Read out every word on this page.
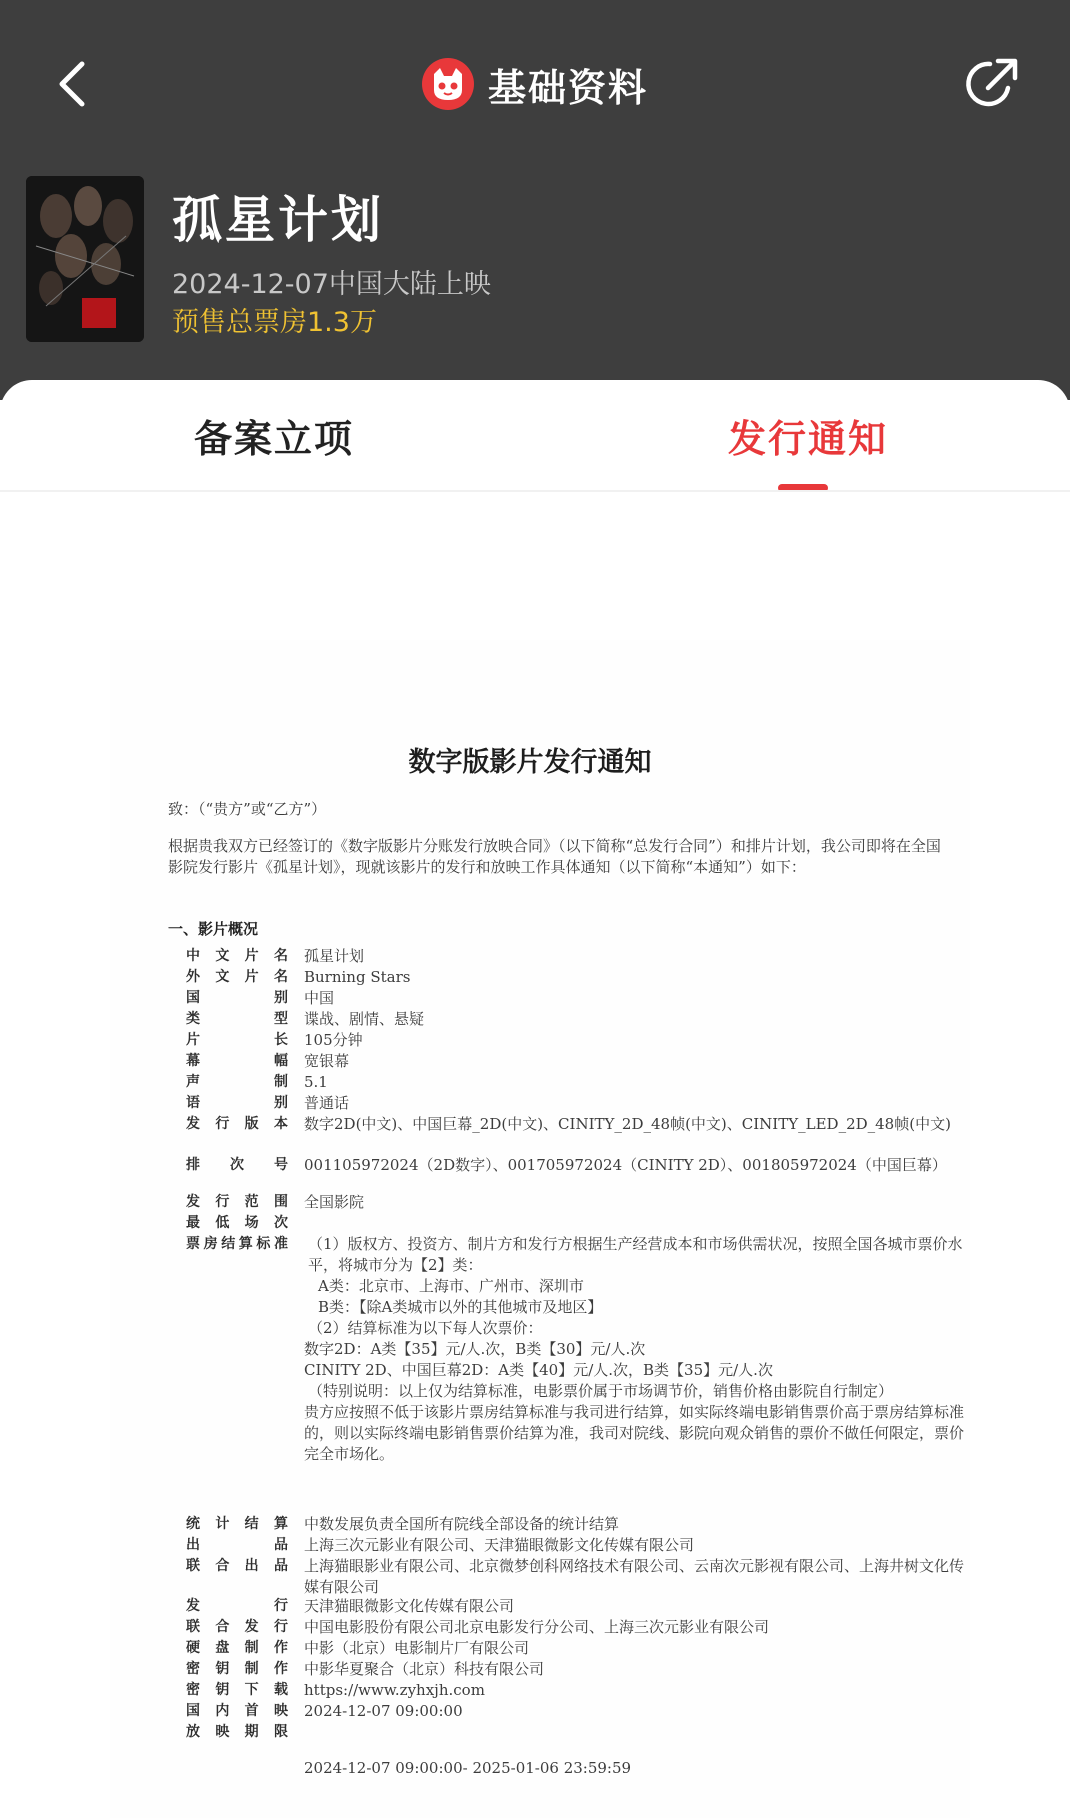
基础资料
孤星计划
2024-12-07中国大陆上映
预售总票房1.3万
备案立项	发行通知
数字版影片发行通知
致：（“贵方”或“乙方”）
根据贵我双方已经签订的《数字版影片分账发行放映合同》（以下简称“总发行合同”）和排片计划，我公司即将在全国影院发行影片《孤星计划》，现就该影片的发行和放映工作具体通知（以下简称“本通知”）如下：
一、影片概况
中文片名	孤星计划
外文片名	Burning Stars
国别	中国
类型	谍战、剧情、悬疑
片长	105分钟
幕幅	宽银幕
声制	5.1
语别	普通话
发行版本	数字2D(中文)、中国巨幕_2D(中文)、CINITY_2D_48帧(中文)、CINITY_LED_2D_48帧(中文)
排次号	001105972024（2D数字）、001705972024（CINITY 2D）、001805972024（中国巨幕）
发行范围	全国影院
最低场次
票房结算标准 （1）版权方、投资方、制片方和发行方根据生产经营成本和市场供需状况，按照全国各城市票价水平，将城市分为【2】类：
A类：北京市、上海市、广州市、深圳市
B类：【除A类城市以外的其他城市及地区】
（2）结算标准为以下每人次票价：
数字2D：A类【35】元/人.次，B类【30】元/人.次
CINITY 2D、中国巨幕2D：A类【40】元/人.次，B类【35】元/人.次
（特别说明：以上仅为结算标准，电影票价属于市场调节价，销售价格由影院自行制定）
贵方应按照不低于该影片票房结算标准与我司进行结算，如实际终端电影销售票价高于票房结算标准的，则以实际终端电影销售票价结算为准，我司对院线、影院向观众销售的票价不做任何限定，票价完全市场化。
统计结算	中数发展负责全国所有院线全部设备的统计结算
出品	上海三次元影业有限公司、天津猫眼微影文化传媒有限公司
联合出品	上海猫眼影业有限公司、北京微梦创科网络技术有限公司、云南次元影视有限公司、上海井树文化传媒有限公司
发行	天津猫眼微影文化传媒有限公司
联合发行	中国电影股份有限公司北京电影发行分公司、上海三次元影业有限公司
硬盘制作	中影（北京）电影制片厂有限公司
密钥制作	中影华夏聚合（北京）科技有限公司
密钥下载	https://www.zyhxjh.com
国内首映	2024-12-07 09:00:00
放映期限
2024-12-07 09:00:00- 2025-01-06 23:59:59
